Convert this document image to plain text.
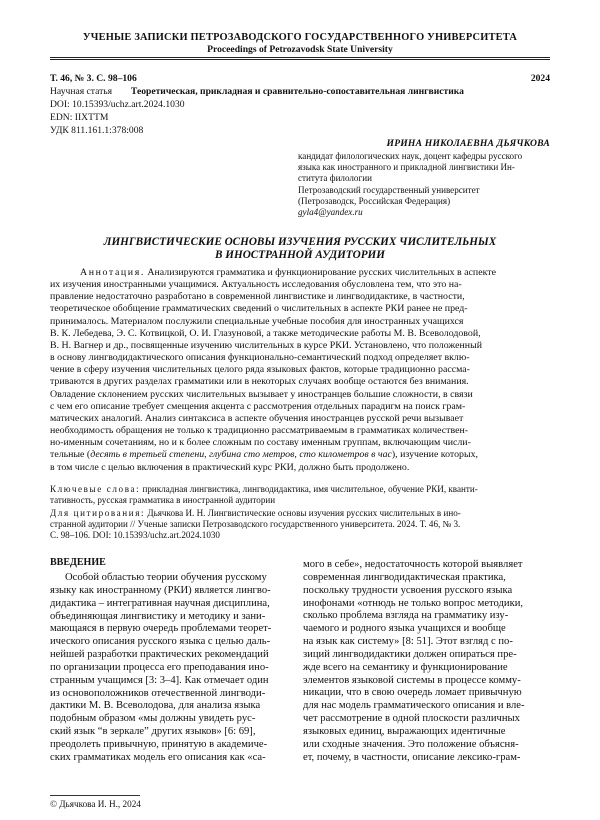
УЧЕНЫЕ ЗАПИСКИ ПЕТРОЗАВОДСКОГО ГОСУДАРСТВЕННОГО УНИВЕРСИТЕТА
Proceedings of Petrozavodsk State University
Т. 46, № 3. С. 98–106	2024
Научная статья Теоретическая, прикладная и сравнительно-сопоставительная лингвистика
DOI: 10.15393/uchz.art.2024.1030
EDN: IIXTTM
УДК 811.161.1:378:008
ИРИНА НИКОЛАЕВНА ДЬЯЧКОВА
кандидат филологических наук, доцент кафедры русского
языка как иностранного и прикладной лингвистики Ин-
ститута филологии
Петрозаводский государственный университет
(Петрозаводск, Российская Федерация)
gyla4@yandex.ru
ЛИНГВИСТИЧЕСКИЕ ОСНОВЫ ИЗУЧЕНИЯ РУССКИХ ЧИСЛИТЕЛЬНЫХ
В ИНОСТРАННОЙ АУДИТОРИИ
Аннотация. Анализируются грамматика и функционирование русских числительных в аспекте
их изучения иностранными учащимися. Актуальность исследования обусловлена тем, что это на-
правление недостаточно разработано в современной лингвистике и лингводидактике, в частности,
теоретическое обобщение грамматических сведений о числительных в аспекте РКИ ранее не пред-
принималось. Материалом послужили специальные учебные пособия для иностранных учащихся
В. К. Лебедева, Э. С. Котвицкой, О. И. Глазуновой, а также методические работы М. В. Всеволодовой,
В. Н. Вагнер и др., посвященные изучению числительных в курсе РКИ. Установлено, что положенный
в основу лингводидактического описания функционально-семантический подход определяет вклю-
чение в сферу изучения числительных целого ряда языковых фактов, которые традиционно рассма-
триваются в других разделах грамматики или в некоторых случаях вообще остаются без внимания.
Овладение склонением русских числительных вызывает у иностранцев большие сложности, в связи
с чем его описание требует смещения акцента с рассмотрения отдельных парадигм на поиск грам-
матических аналогий. Анализ синтаксиса в аспекте обучения иностранцев русской речи вызывает
необходимость обращения не только к традиционно рассматриваемым в грамматиках количествен-
но-именным сочетаниям, но и к более сложным по составу именным группам, включающим числи-
тельные (десять в третьей степени, глубина сто метров, сто километров в час), изучение которых,
в том числе с целью включения в практический курс РКИ, должно быть продолжено.
Ключевые слова: прикладная лингвистика, лингводидактика, имя числительное, обучение РКИ, кванти-
тативность, русская грамматика в иностранной аудитории
Для цитирования: Дьячкова И. Н. Лингвистические основы изучения русских числительных в ино-
странной аудитории // Ученые записки Петрозаводского государственного университета. 2024. Т. 46, № 3.
С. 98–106. DOI: 10.15393/uchz.art.2024.1030
ВВЕДЕНИЕ
Особой областью теории обучения русскому
языку как иностранному (РКИ) является лингво-
дидактика – интегративная научная дисциплина,
объединяющая лингвистику и методику и зани-
мающаяся в первую очередь проблемами теорет-
ического описания русского языка с целью даль-
нейшей разработки практических рекомендаций
по организации процесса его преподавания ино-
странным учащимся [3: 3–4]. Как отмечает один
из основоположников отечественной лингводи-
дактики М. В. Всеволодова, для анализа языка
подобным образом «мы должны увидеть рус-
ский язык “в зеркале” других языков» [6: 69],
преодолеть привычную, принятую в академиче-
ских грамматиках модель его описания как «са-
мого в себе», недостаточность которой выявляет
современная лингводидактическая практика,
поскольку трудности усвоения русского языка
инофонами «отнюдь не только вопрос методики,
сколько проблема взгляда на грамматику изу-
чаемого и родного языка учащихся и вообще
на язык как систему» [8: 51]. Этот взгляд с по-
зиций лингводидактики должен опираться пре-
жде всего на семантику и функционирование
элементов языковой системы в процессе комму-
никации, что в свою очередь ломает привычную
для нас модель грамматического описания и вле-
чет рассмотрение в одной плоскости различных
языковых единиц, выражающих идентичные
или сходные значения. Это положение объясня-
ет, почему, в частности, описание лексико-грам-
© Дьячкова И. Н., 2024
